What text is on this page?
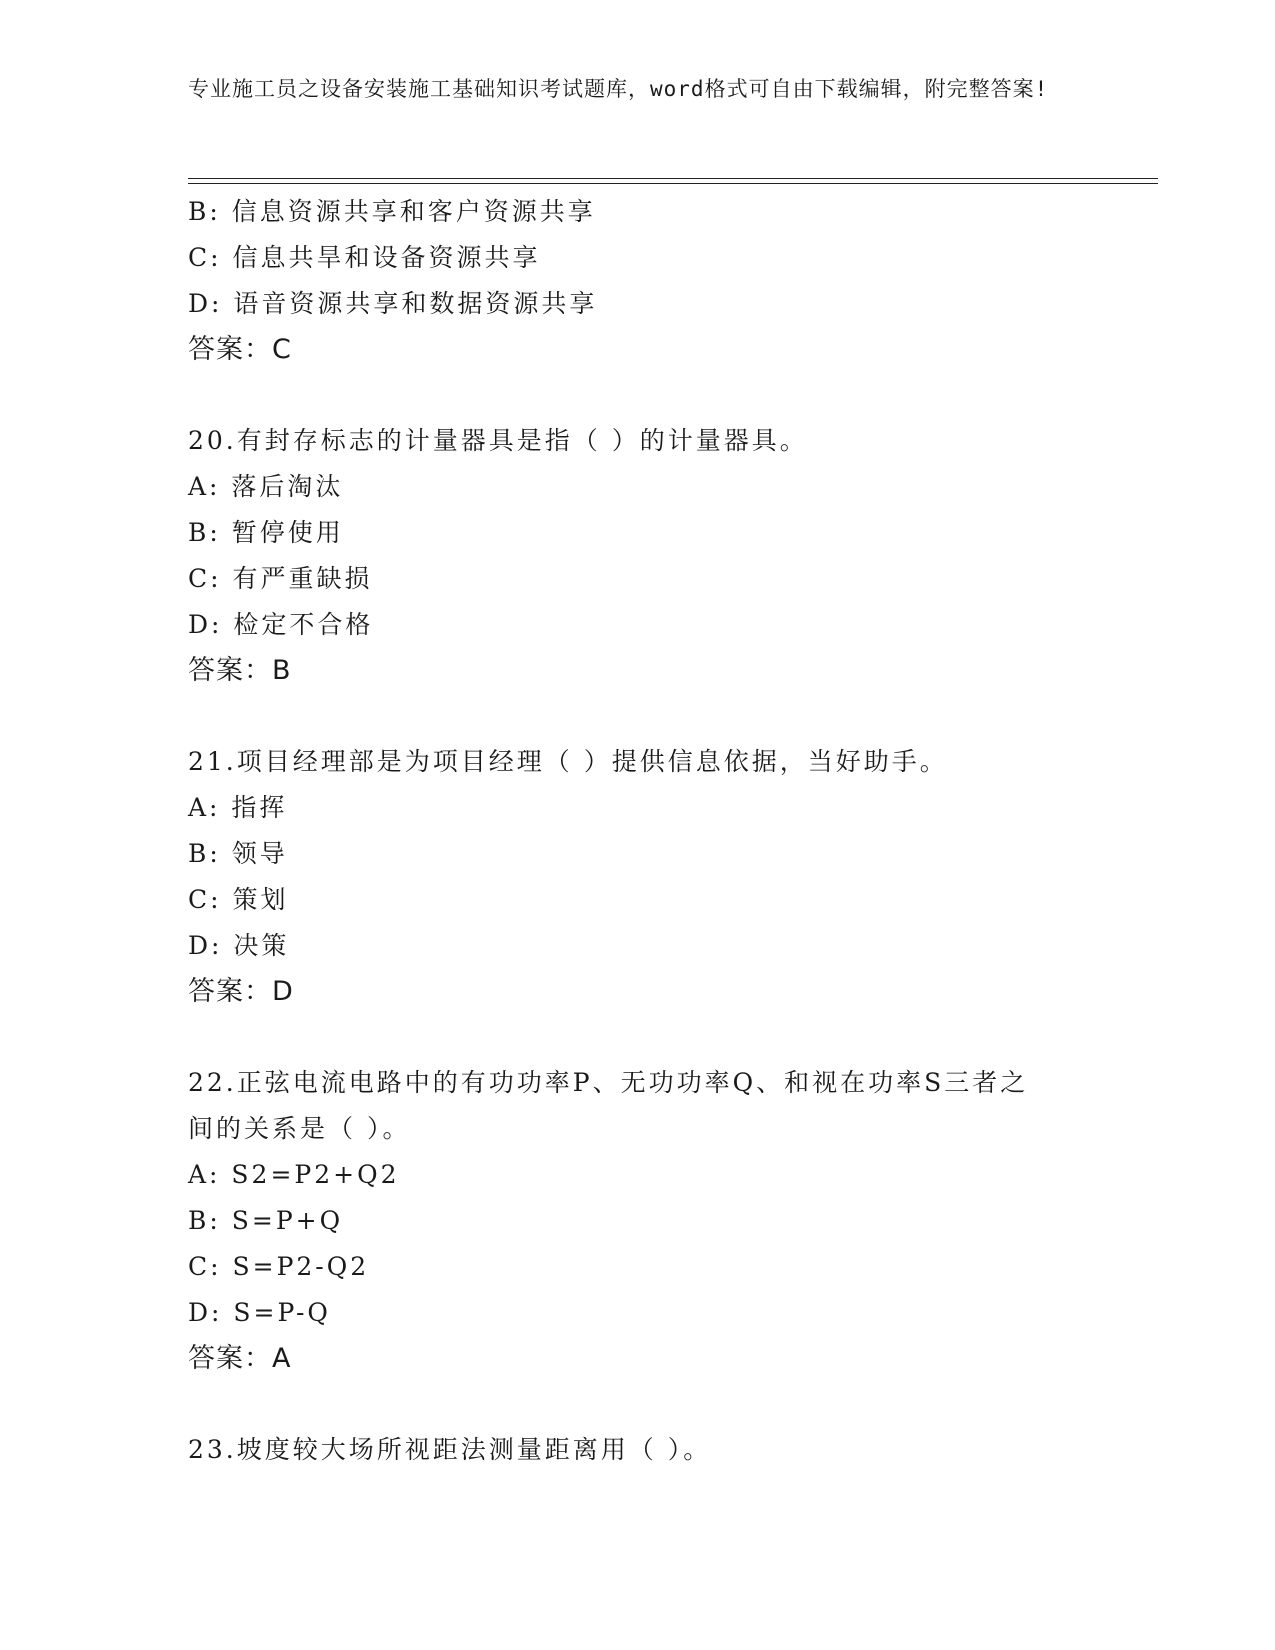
专业施工员之设备安装施工基础知识考试题库，word格式可自由下载编辑，附完整答案!
B: 信息资源共享和客户资源共享
C: 信息共旱和设备资源共享
D: 语音资源共享和数据资源共享
答案：C
20.有封存标志的计量器具是指（ ）的计量器具。
A: 落后淘汰
B: 暂停使用
C: 有严重缺损
D: 检定不合格
答案：B
21.项目经理部是为项目经理（ ）提供信息依据，当好助手。
A: 指挥
B: 领导
C: 策划
D: 决策
答案：D
22.正弦电流电路中的有功功率P、无功功率Q、和视在功率S三者之
间的关系是（ ）。
A: S2=P2+Q2
B: S=P+Q
C: S=P2-Q2
D: S=P-Q
答案：A
23.坡度较大场所视距法测量距离用（ ）。
